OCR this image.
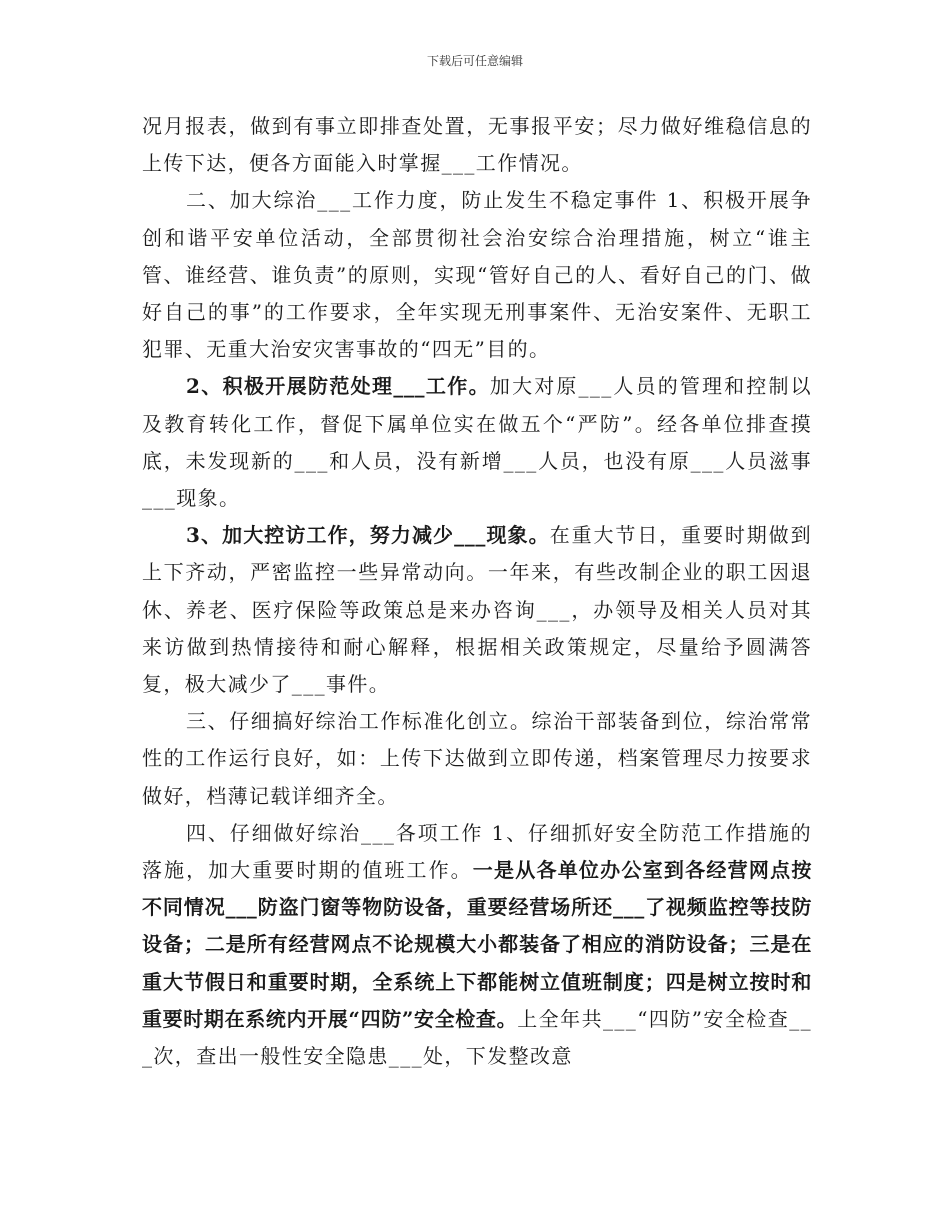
下载后可任意编辑

况月报表，做到有事立即排查处置，无事报平安；尽力做好维稳信息的上传下达，便各方面能入时掌握___工作情况。

二、加大综治___工作力度，防止发生不稳定事件 1、积极开展争创和谐平安单位活动，全部贯彻社会治安综合治理措施，树立“谁主管、谁经营、谁负责”的原则，实现“管好自己的人、看好自己的门、做好自己的事”的工作要求，全年实现无刑事案件、无治安案件、无职工犯罪、无重大治安灾害事故的“四无”目的。

2、积极开展防范处理___工作。加大对原___人员的管理和控制以及教育转化工作，督促下属单位实在做五个“严防”。经各单位排查摸底，未发现新的___和人员，没有新增___人员，也没有原___人员滋事___现象。

3、加大控访工作，努力减少___现象。在重大节日，重要时期做到上下齐动，严密监控一些异常动向。一年来，有些改制企业的职工因退休、养老、医疗保险等政策总是来办咨询___，办领导及相关人员对其来访做到热情接待和耐心解释，根据相关政策规定，尽量给予圆满答复，极大减少了___事件。

三、仔细搞好综治工作标准化创立。综治干部装备到位，综治常常性的工作运行良好，如：上传下达做到立即传递，档案管理尽力按要求做好，档薄记载详细齐全。

四、仔细做好综治___各项工作 1、仔细抓好安全防范工作措施的落施，加大重要时期的值班工作。一是从各单位办公室到各经营网点按不同情况___防盗门窗等物防设备，重要经营场所还___了视频监控等技防设备；二是所有经营网点不论规模大小都装备了相应的消防设备；三是在重大节假日和重要时期，全系统上下都能树立值班制度；四是树立按时和重要时期在系统内开展“四防”安全检查。上全年共___“四防”安全检查___次，查出一般性安全隐患___处，下发整改意
